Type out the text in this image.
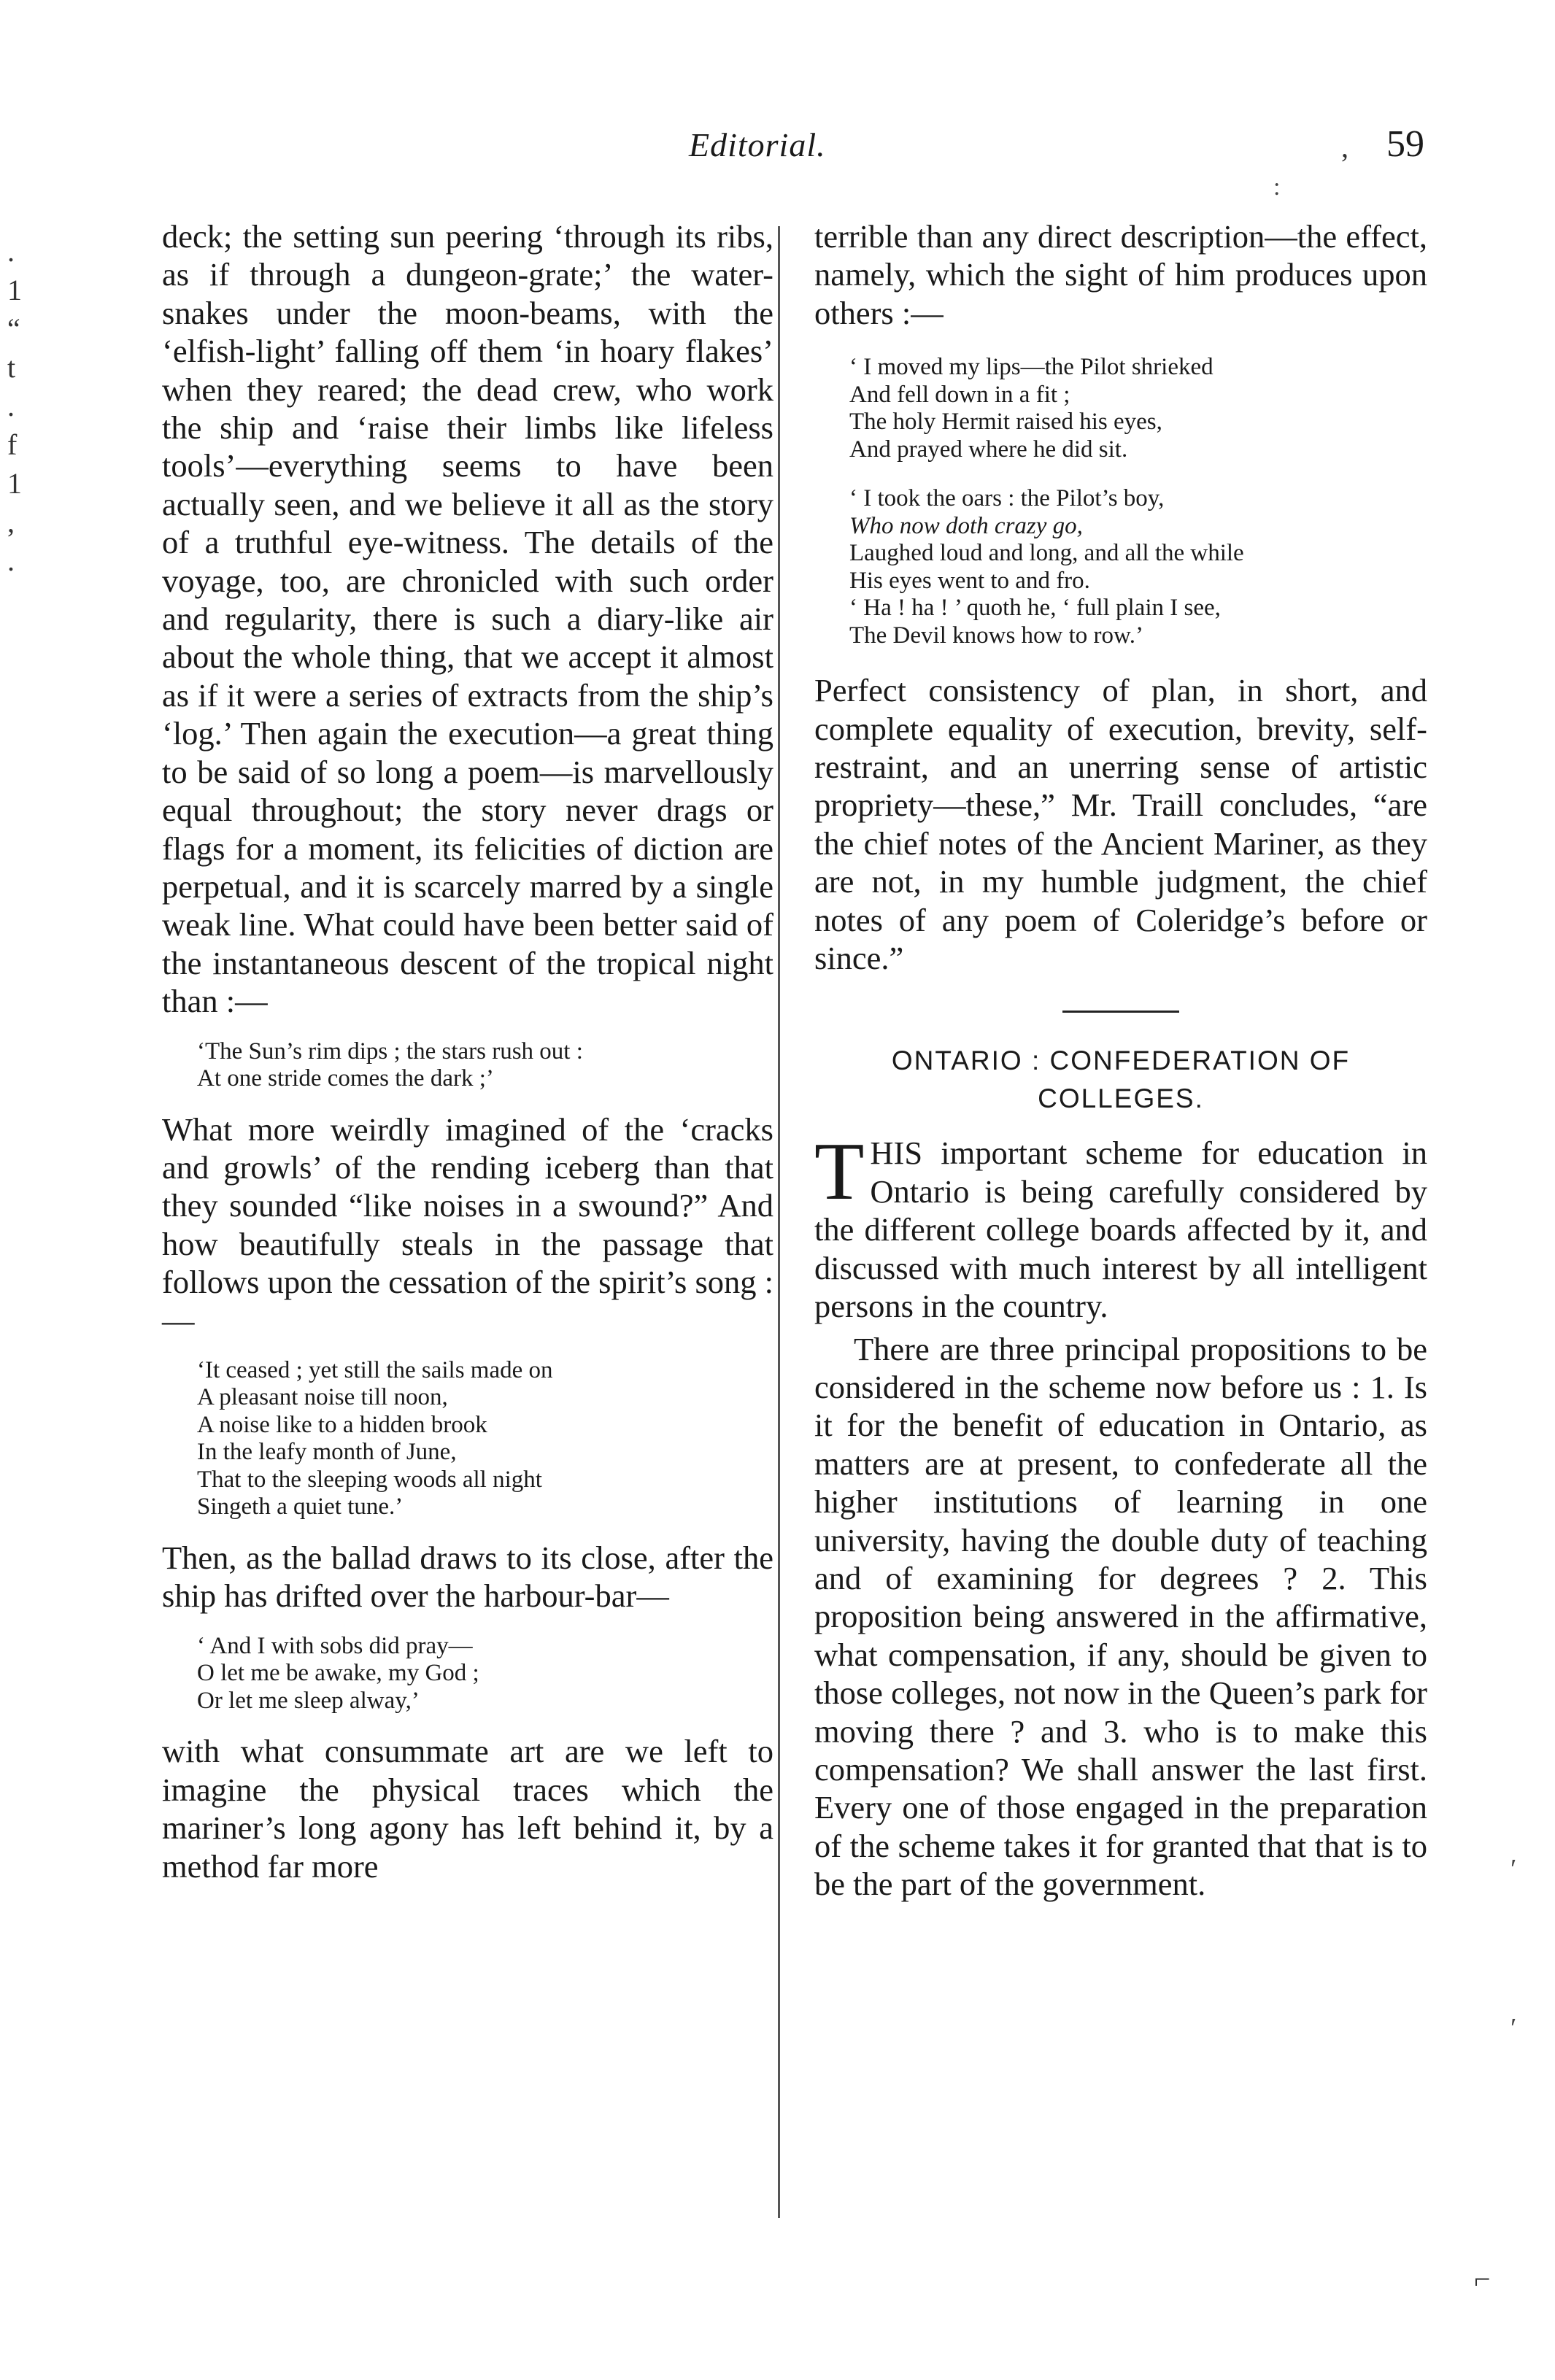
Editorial.	59
,
:
.
1
“
t
.
f
1
,
.

deck; the setting sun peering ‘through its ribs, as if through a dungeon-grate;’ the water-snakes under the moon-beams, with the ‘elfish-light’ falling off them ‘in hoary flakes’ when they reared; the dead crew, who work the ship and ‘raise their limbs like lifeless tools’—everything seems to have been actually seen, and we believe it all as the story of a truthful eye-witness. The details of the voyage, too, are chronicled with such order and regularity, there is such a diary-like air about the whole thing, that we accept it almost as if it were a series of extracts from the ship’s ‘log.’ Then again the execution—a great thing to be said of so long a poem—is marvellously equal throughout; the story never drags or flags for a moment, its felicities of diction are perpetual, and it is scarcely marred by a single weak line. What could have been better said of the instantaneous descent of the tropical night than :—

‘The Sun’s rim dips ; the stars rush out :
At one stride comes the dark ;’

What more weirdly imagined of the ‘cracks and growls’ of the rending iceberg than that they sounded “like noises in a swound?” And how beautifully steals in the passage that follows upon the cessation of the spirit’s song :—

‘It ceased ; yet still the sails made on
A pleasant noise till noon,
A noise like to a hidden brook
In the leafy month of June,
That to the sleeping woods all night
Singeth a quiet tune.’

Then, as the ballad draws to its close, after the ship has drifted over the harbour-bar—

‘ And I with sobs did pray—
O let me be awake, my God ;
Or let me sleep alway,’

with what consummate art are we left to imagine the physical traces which the mariner’s long agony has left behind it, by a method far more

terrible than any direct description—the effect, namely, which the sight of him produces upon others :—

‘ I moved my lips—the Pilot shrieked
And fell down in a fit ;
The holy Hermit raised his eyes,
And prayed where he did sit.
‘ I took the oars : the Pilot’s boy,
Who now doth crazy go,
Laughed loud and long, and all the while
His eyes went to and fro.
‘ Ha ! ha ! ’ quoth he, ‘ full plain I see,
The Devil knows how to row.’

Perfect consistency of plan, in short, and complete equality of execution, brevity, self-restraint, and an unerring sense of artistic propriety—these,” Mr. Traill concludes, “are the chief notes of the Ancient Mariner, as they are not, in my humble judgment, the chief notes of any poem of Coleridge’s before or since.”

ONTARIO : CONFEDERATION OF
COLLEGES.

THIS important scheme for education in Ontario is being carefully considered by the different college boards affected by it, and discussed with much interest by all intelligent persons in the country.

There are three principal propositions to be considered in the scheme now before us : 1. Is it for the benefit of education in Ontario, as matters are at present, to confederate all the higher institutions of learning in one university, having the double duty of teaching and of examining for degrees ? 2. This proposition being answered in the affirmative, what compensation, if any, should be given to those colleges, not now in the Queen’s park for moving there ? and 3. who is to make this compensation? We shall answer the last first. Every one of those engaged in the preparation of the scheme takes it for granted that that is to be the part of the government.	ʹ
ʹ
⌐
